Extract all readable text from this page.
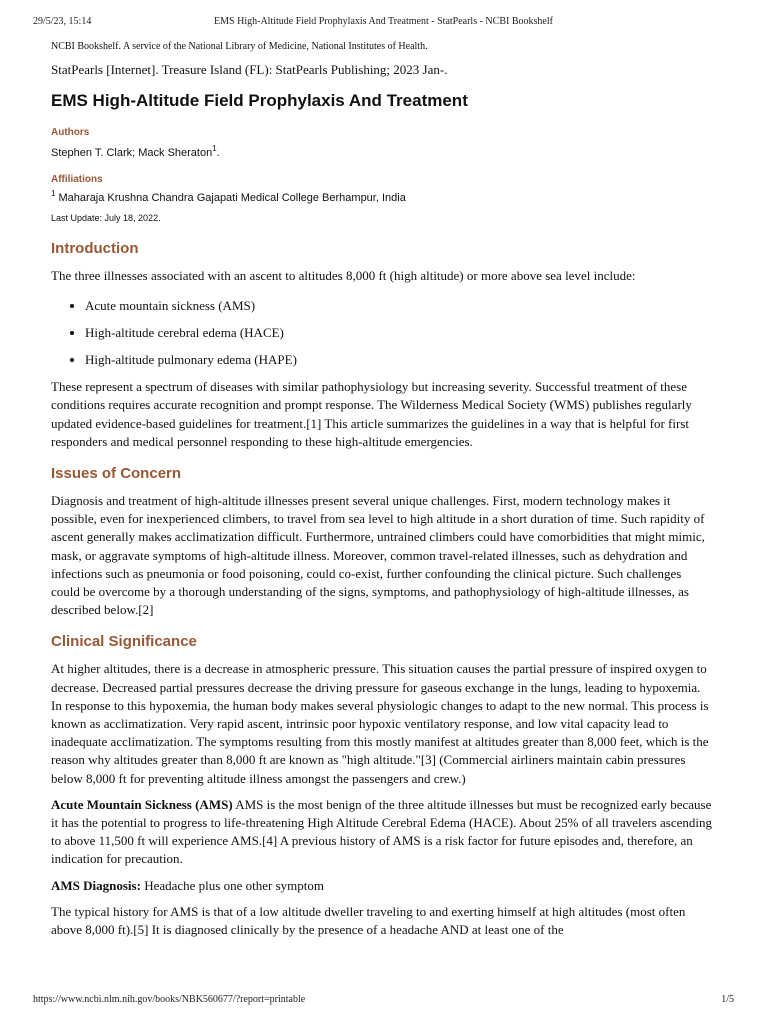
29/5/23, 15:14	EMS High-Altitude Field Prophylaxis And Treatment - StatPearls - NCBI Bookshelf

NCBI Bookshelf. A service of the National Library of Medicine, National Institutes of Health.

StatPearls [Internet]. Treasure Island (FL): StatPearls Publishing; 2023 Jan-.

EMS High-Altitude Field Prophylaxis And Treatment

Authors

Stephen T. Clark; Mack Sheraton$^1$.

Affiliations

$^1$ Maharaja Krushna Chandra Gajapati Medical College Berhampur, India

Last Update: July 18, 2022.

Introduction

The three illnesses associated with an ascent to altitudes 8,000 ft (high altitude) or more above sea level include:

• Acute mountain sickness (AMS)
• High-altitude cerebral edema (HACE)
• High-altitude pulmonary edema (HAPE)

These represent a spectrum of diseases with similar pathophysiology but increasing severity. Successful treatment of these conditions requires accurate recognition and prompt response. The Wilderness Medical Society (WMS) publishes regularly updated evidence-based guidelines for treatment.[1] This article summarizes the guidelines in a way that is helpful for first responders and medical personnel responding to these high-altitude emergencies.

Issues of Concern

Diagnosis and treatment of high-altitude illnesses present several unique challenges. First, modern technology makes it possible, even for inexperienced climbers, to travel from sea level to high altitude in a short duration of time. Such rapidity of ascent generally makes acclimatization difficult. Furthermore, untrained climbers could have comorbidities that might mimic, mask, or aggravate symptoms of high-altitude illness. Moreover, common travel-related illnesses, such as dehydration and infections such as pneumonia or food poisoning, could co-exist, further confounding the clinical picture. Such challenges could be overcome by a thorough understanding of the signs, symptoms, and pathophysiology of high-altitude illnesses, as described below.[2]

Clinical Significance

At higher altitudes, there is a decrease in atmospheric pressure. This situation causes the partial pressure of inspired oxygen to decrease. Decreased partial pressures decrease the driving pressure for gaseous exchange in the lungs, leading to hypoxemia. In response to this hypoxemia, the human body makes several physiologic changes to adapt to the new normal. This process is known as acclimatization. Very rapid ascent, intrinsic poor hypoxic ventilatory response, and low vital capacity lead to inadequate acclimatization. The symptoms resulting from this mostly manifest at altitudes greater than 8,000 feet, which is the reason why altitudes greater than 8,000 ft are known as "high altitude."[3] (Commercial airliners maintain cabin pressures below 8,000 ft for preventing altitude illness amongst the passengers and crew.)

Acute Mountain Sickness (AMS) AMS is the most benign of the three altitude illnesses but must be recognized early because it has the potential to progress to life-threatening High Altitude Cerebral Edema (HACE). About 25% of all travelers ascending to above 11,500 ft will experience AMS.[4] A previous history of AMS is a risk factor for future episodes and, therefore, an indication for precaution.

AMS Diagnosis: Headache plus one other symptom

The typical history for AMS is that of a low altitude dweller traveling to and exerting himself at high altitudes (most often above 8,000 ft).[5] It is diagnosed clinically by the presence of a headache AND at least one of the

https://www.ncbi.nlm.nih.gov/books/NBK560677/?report=printable	1/5
